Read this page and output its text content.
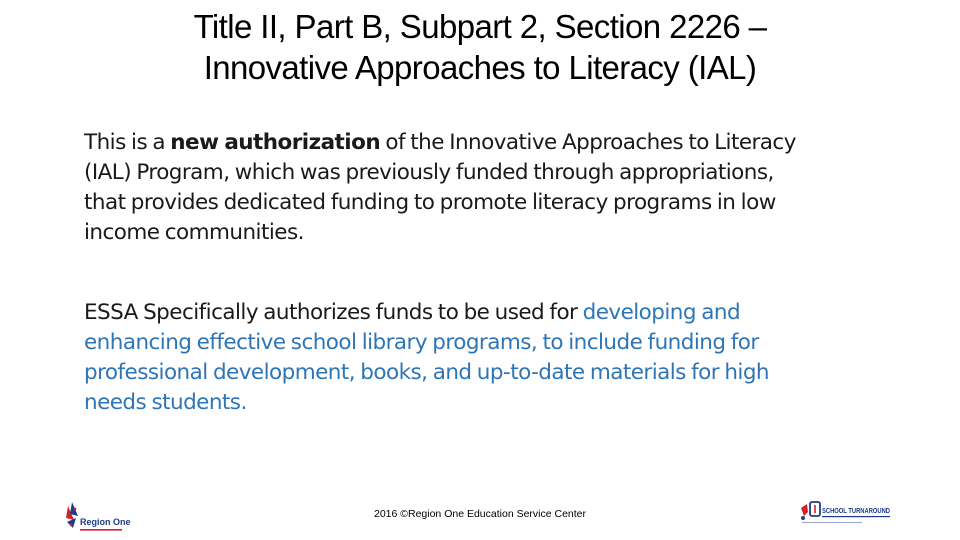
Title II, Part B, Subpart 2, Section 2226 –
Innovative Approaches to Literacy (IAL)
This is a new authorization of the Innovative Approaches to Literacy
(IAL) Program, which was previously funded through appropriations,
that provides dedicated funding to promote literacy programs in low
income communities.
ESSA Specifically authorizes funds to be used for developing and
enhancing effective school library programs, to include funding for
professional development, books, and up-to-date materials for high
needs students.
2016 ©Region One Education Service Center
Region One
SCHOOL TURNAROUND
